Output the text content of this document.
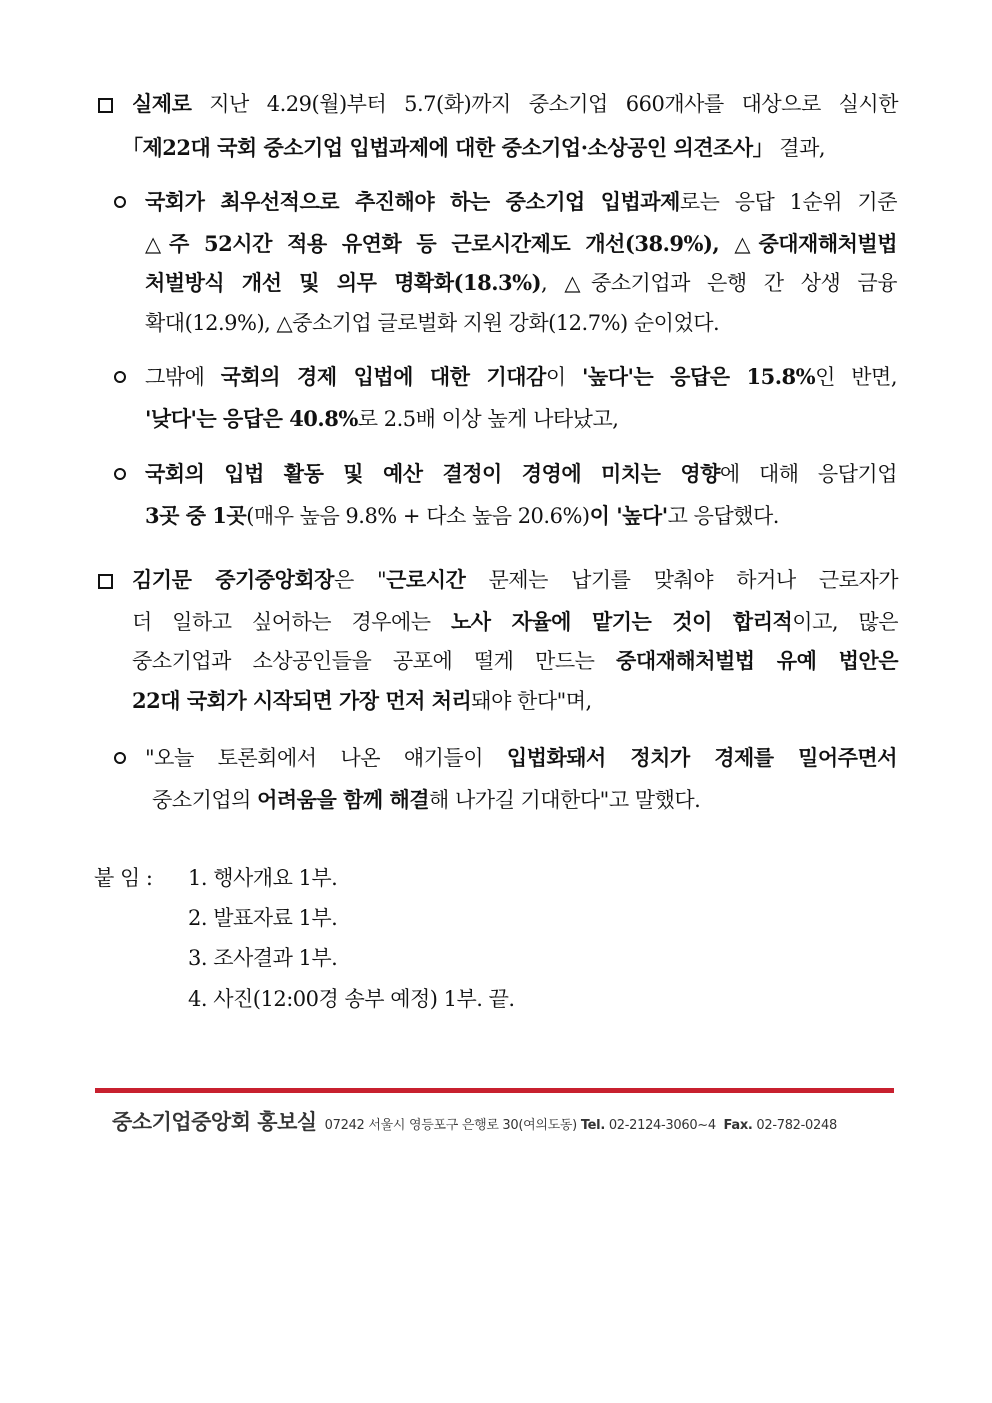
실제로 지난 4.29(월)부터 5.7(화)까지 중소기업 660개사를 대상으로 실시한
「제22대 국회 중소기업 입법과제에 대한 중소기업·소상공인 의견조사」 결과,
국회가 최우선적으로 추진해야 하는 중소기업 입법과제로는 응답 1순위 기준
△주 52시간 적용 유연화 등 근로시간제도 개선(38.9%), △중대재해처벌법
처벌방식 개선 및 의무 명확화(18.3%), △중소기업과 은행 간 상생 금융
확대(12.9%), △중소기업 글로벌화 지원 강화(12.7%) 순이었다.
그밖에 국회의 경제 입법에 대한 기대감이 '높다'는 응답은 15.8%인 반면,
'낮다'는 응답은 40.8%로 2.5배 이상 높게 나타났고,
국회의 입법 활동 및 예산 결정이 경영에 미치는 영향에 대해 응답기업
3곳 중 1곳(매우 높음 9.8% + 다소 높음 20.6%)이 '높다'고 응답했다.
김기문 중기중앙회장은 "근로시간 문제는 납기를 맞춰야 하거나 근로자가
더 일하고 싶어하는 경우에는 노사 자율에 맡기는 것이 합리적이고, 많은
중소기업과 소상공인들을 공포에 떨게 만드는 중대재해처벌법 유예 법안은
22대 국회가 시작되면 가장 먼저 처리돼야 한다"며,
"오늘 토론회에서 나온 얘기들이 입법화돼서 정치가 경제를 밀어주면서
중소기업의 어려움을 함께 해결해 나가길 기대한다"고 말했다.
붙 임 : 1. 행사개요 1부.
2. 발표자료 1부.
3. 조사결과 1부.
4. 사진(12:00경 송부 예정) 1부. 끝.
중소기업중앙회 홍보실 07242 서울시 영등포구 은행로 30(여의도동) Tel. 02-2124-3060~4 Fax. 02-782-0248
